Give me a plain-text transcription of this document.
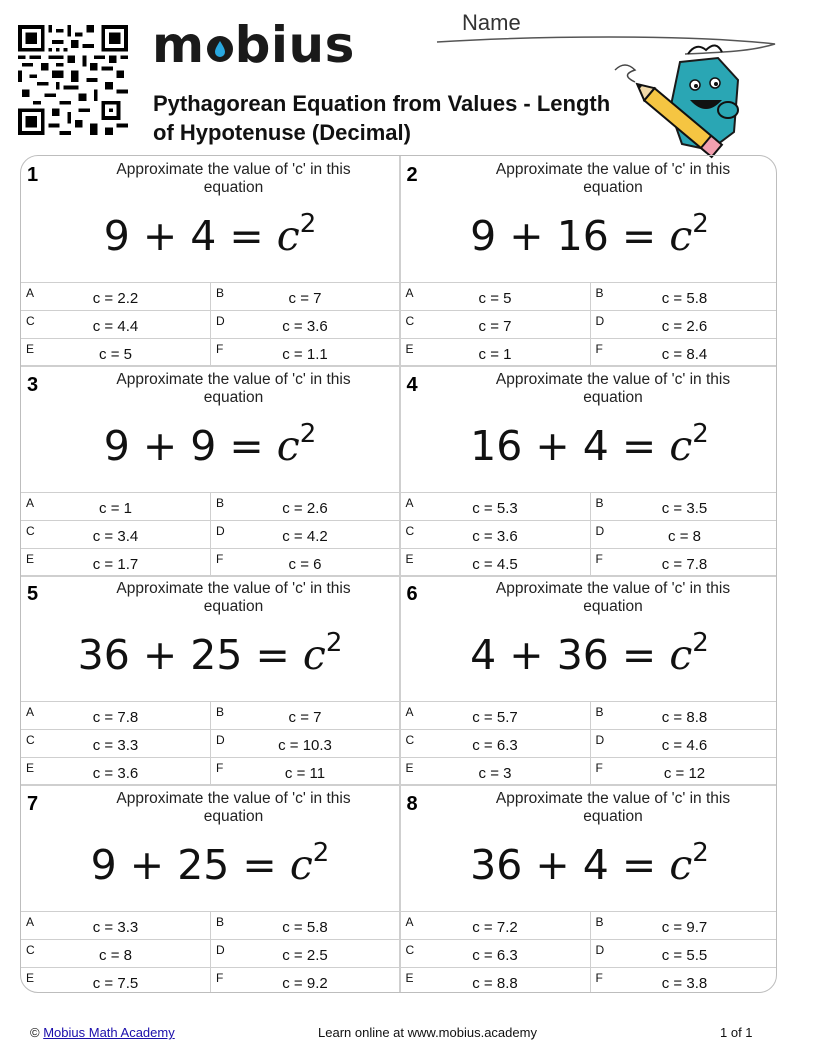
m bius
Pythagorean Equation from Values - Length of Hypotenuse (Decimal)
Name
1	Approximate the value of 'c' in this equation
$9 + 4 = c^2$
A	c = 2.2	B	c = 7
C	c = 4.4	D	c = 3.6
E	c = 5	F	c = 1.1
2	Approximate the value of 'c' in this equation
$9 + 16 = c^2$
A	c = 5	B	c = 5.8
C	c = 7	D	c = 2.6
E	c = 1	F	c = 8.4
3	Approximate the value of 'c' in this equation
$9 + 9 = c^2$
A	c = 1	B	c = 2.6
C	c = 3.4	D	c = 4.2
E	c = 1.7	F	c = 6
4	Approximate the value of 'c' in this equation
$16 + 4 = c^2$
A	c = 5.3	B	c = 3.5
C	c = 3.6	D	c = 8
E	c = 4.5	F	c = 7.8
5	Approximate the value of 'c' in this equation
$36 + 25 = c^2$
A	c = 7.8	B	c = 7
C	c = 3.3	D	c = 10.3
E	c = 3.6	F	c = 11
6	Approximate the value of 'c' in this equation
$4 + 36 = c^2$
A	c = 5.7	B	c = 8.8
C	c = 6.3	D	c = 4.6
E	c = 3	F	c = 12
7	Approximate the value of 'c' in this equation
$9 + 25 = c^2$
A	c = 3.3	B	c = 5.8
C	c = 8	D	c = 2.5
E	c = 7.5	F	c = 9.2
8	Approximate the value of 'c' in this equation
$36 + 4 = c^2$
A	c = 7.2	B	c = 9.7
C	c = 6.3	D	c = 5.5
E	c = 8.8	F	c = 3.8
© Mobius Math Academy	Learn online at www.mobius.academy	1 of 1
